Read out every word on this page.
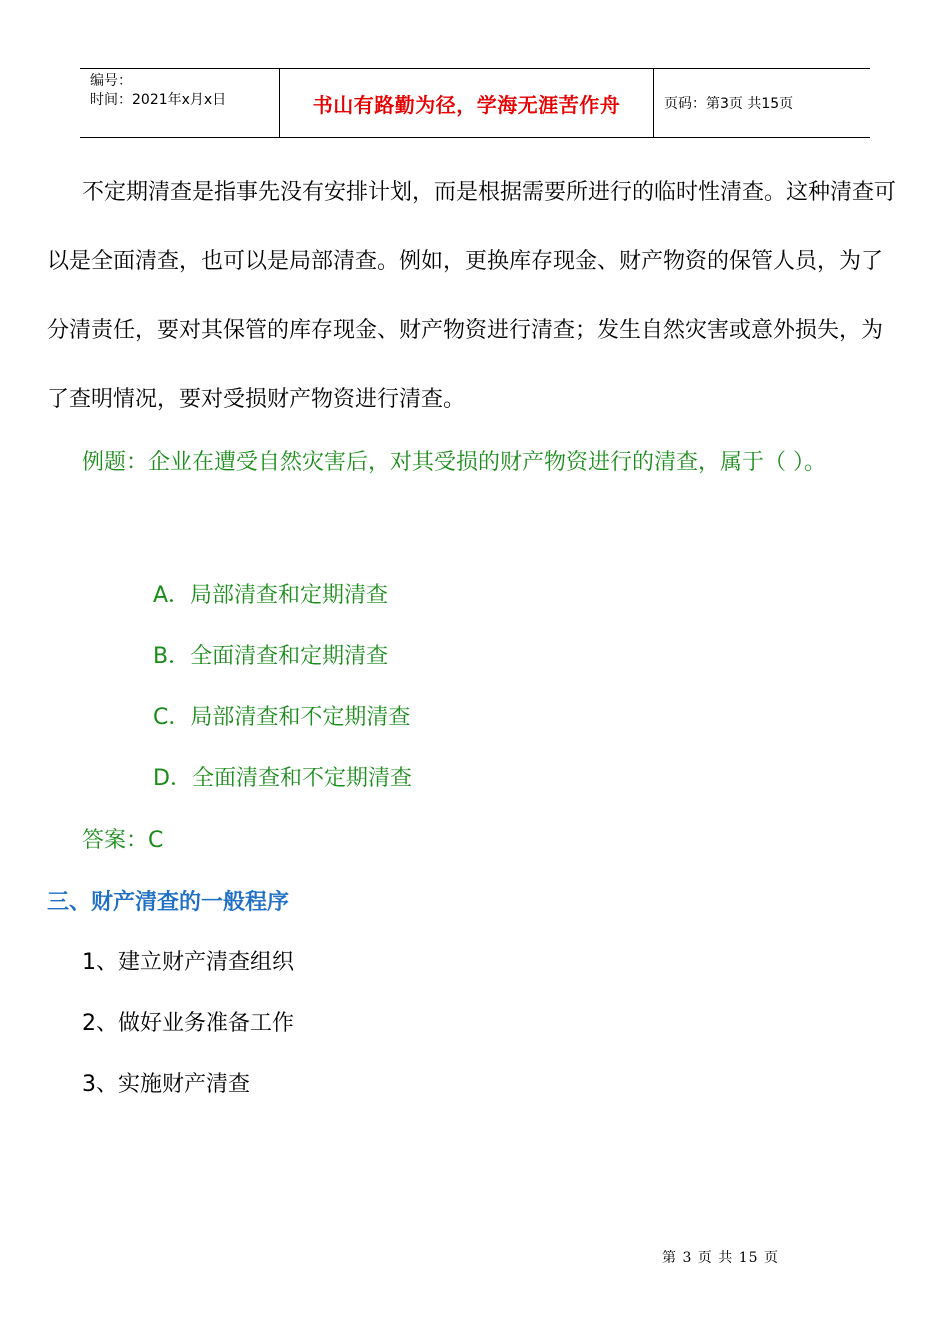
编号：
时间：2021年x月x日	书山有路勤为径，学海无涯苦作舟	页码：第3页 共15页

不定期清查是指事先没有安排计划，而是根据需要所进行的临时性清查。这种清查可以是全面清查，也可以是局部清查。例如，更换库存现金、财产物资的保管人员，为了分清责任，要对其保管的库存现金、财产物资进行清查；发生自然灾害或意外损失，为了查明情况，要对受损财产物资进行清查。

例题：企业在遭受自然灾害后，对其受损的财产物资进行的清查，属于（ ）。

A．局部清查和定期清查

B．全面清查和定期清查

C．局部清查和不定期清查

D．全面清查和不定期清查

答案：C

三、财产清查的一般程序

1、建立财产清查组织

2、做好业务准备工作

3、实施财产清查

第 3 页 共 15 页
